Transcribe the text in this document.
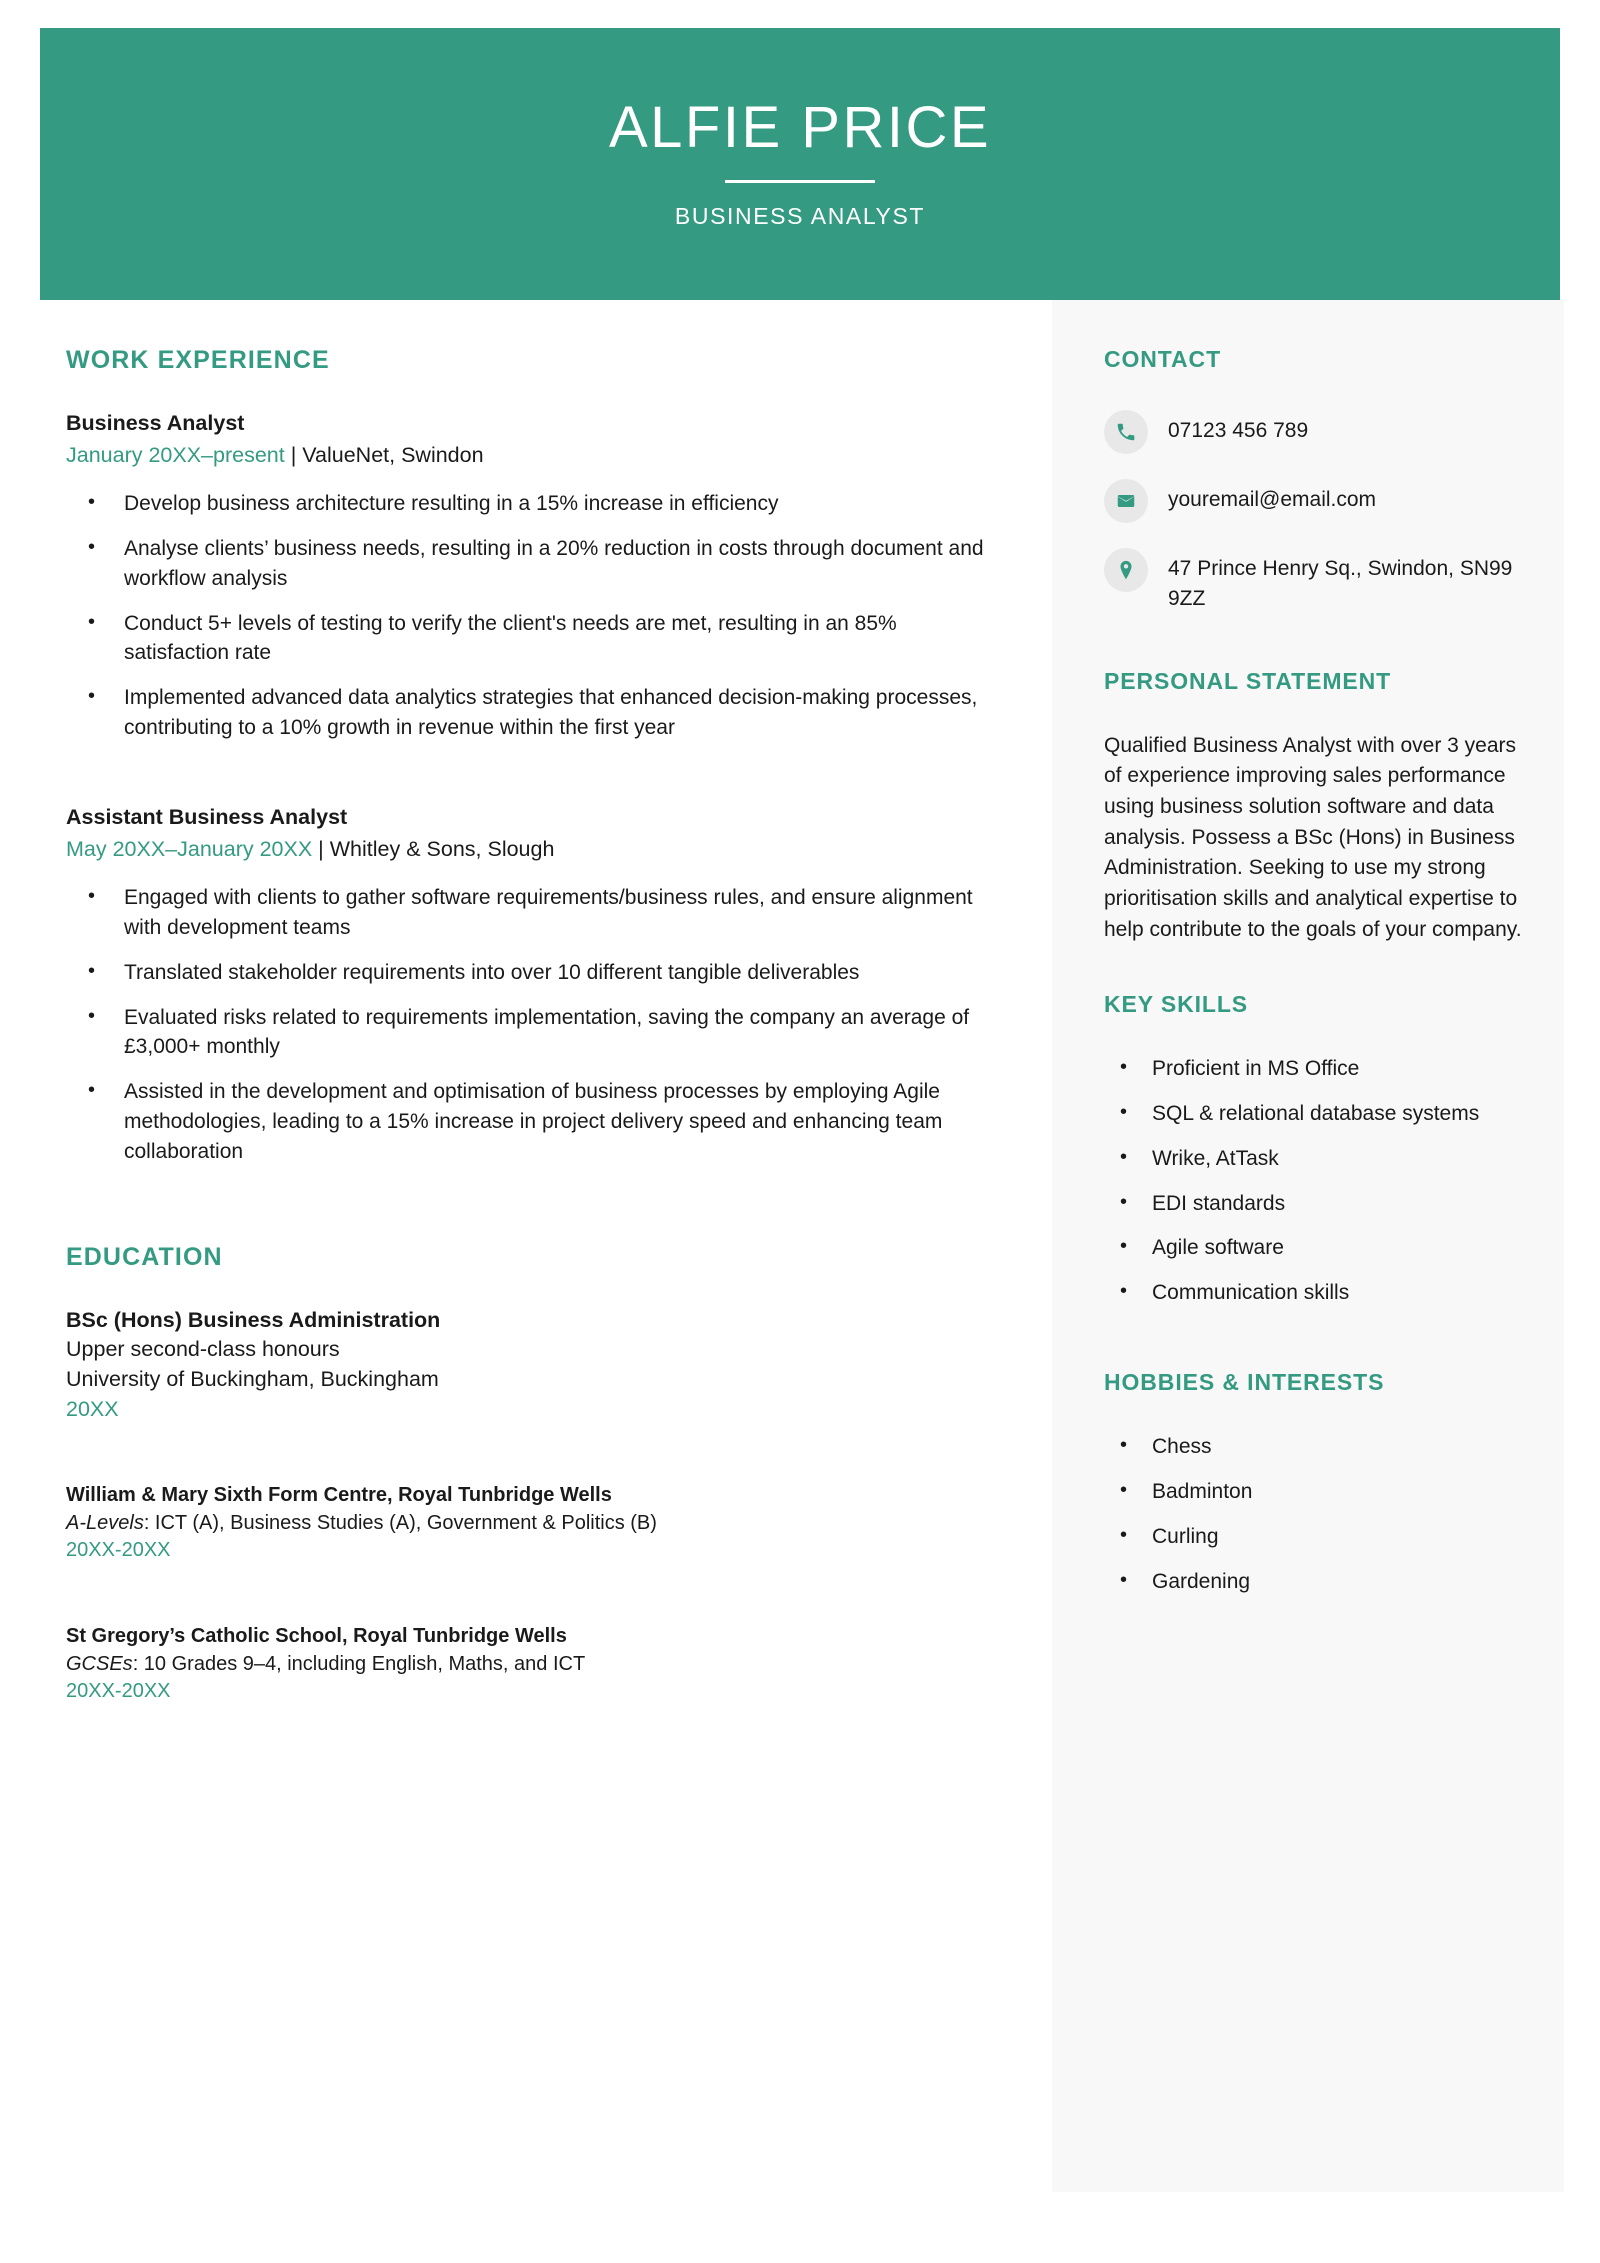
ALFIE PRICE
BUSINESS ANALYST
WORK EXPERIENCE
Business Analyst
January 20XX–present | ValueNet, Swindon
• Develop business architecture resulting in a 15% increase in efficiency
• Analyse clients’ business needs, resulting in a 20% reduction in costs through document and workflow analysis
• Conduct 5+ levels of testing to verify the client's needs are met, resulting in an 85% satisfaction rate
• Implemented advanced data analytics strategies that enhanced decision-making processes, contributing to a 10% growth in revenue within the first year
Assistant Business Analyst
May 20XX–January 20XX | Whitley & Sons, Slough
• Engaged with clients to gather software requirements/business rules, and ensure alignment with development teams
• Translated stakeholder requirements into over 10 different tangible deliverables
• Evaluated risks related to requirements implementation, saving the company an average of £3,000+ monthly
• Assisted in the development and optimisation of business processes by employing Agile methodologies, leading to a 15% increase in project delivery speed and enhancing team collaboration
EDUCATION
BSc (Hons) Business Administration
Upper second-class honours
University of Buckingham, Buckingham
20XX
William & Mary Sixth Form Centre, Royal Tunbridge Wells
A-Levels: ICT (A), Business Studies (A), Government & Politics (B)
20XX-20XX
St Gregory’s Catholic School, Royal Tunbridge Wells
GCSEs: 10 Grades 9–4, including English, Maths, and ICT
20XX-20XX
CONTACT
07123 456 789
youremail@email.com
47 Prince Henry Sq., Swindon, SN99 9ZZ
PERSONAL STATEMENT

Qualified Business Analyst with over 3 years of experience improving sales performance using business solution software and data analysis. Possess a BSc (Hons) in Business Administration. Seeking to use my strong prioritisation skills and analytical expertise to help contribute to the goals of your company.

KEY SKILLS
• Proficient in MS Office
• SQL & relational database systems
• Wrike, AtTask
• EDI standards
• Agile software
• Communication skills
HOBBIES & INTERESTS
• Chess
• Badminton
• Curling
• Gardening
